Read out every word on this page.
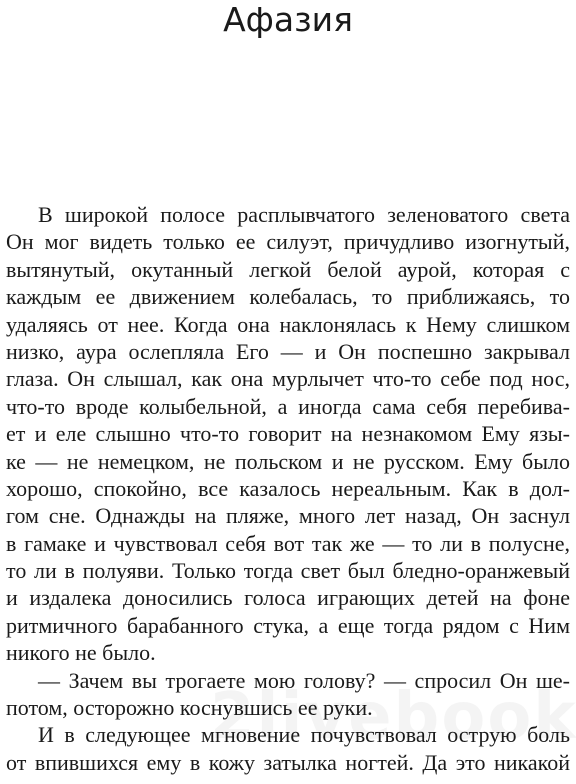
Афазия
В широкой полосе расплывчатого зеленоватого света
Он мог видеть только ее силуэт, причудливо изогнутый,
вытянутый, окутанный легкой белой аурой, которая с
каждым ее движением колебалась, то приближаясь, то
удаляясь от нее. Когда она наклонялась к Нему слишком
низко, аура ослепляла Его — и Он поспешно закрывал
глаза. Он слышал, как она мурлычет что-то себе под нос,
что-то вроде колыбельной, а иногда сама себя перебива-
ет и еле слышно что-то говорит на незнакомом Ему язы-
ке — не немецком, не польском и не русском. Ему было
хорошо, спокойно, все казалось нереальным. Как в дол-
гом сне. Однажды на пляже, много лет назад, Он заснул
в гамаке и чувствовал себя вот так же — то ли в полусне,
то ли в полуяви. Только тогда свет был бледно-оранжевый
и издалека доносились голоса играющих детей на фоне
ритмичного барабанного стука, а еще тогда рядом с Ним
никого не было.
— Зачем вы трогаете мою голову? — спросил Он ше-
потом, осторожно коснувшись ее руки.
И в следующее мгновение почувствовал острую боль
от впившихся ему в кожу затылка ногтей. Да это никакой
